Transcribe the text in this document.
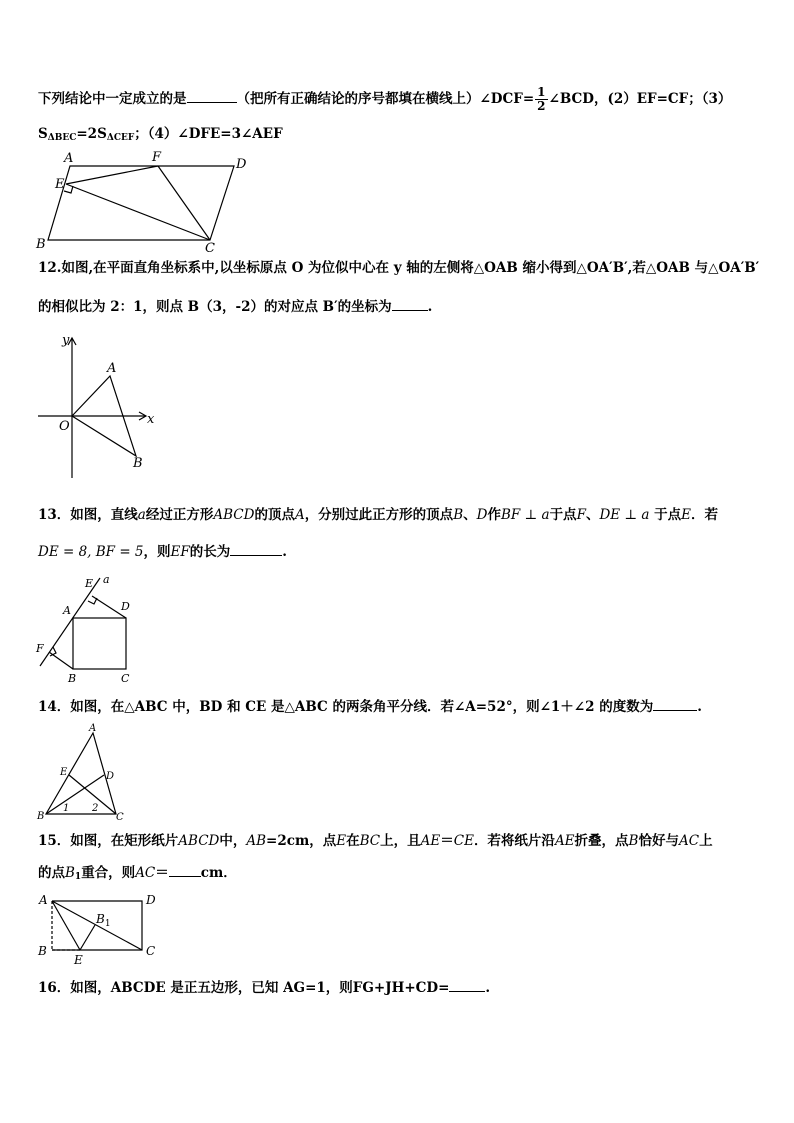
下列结论中一定成立的是	（把所有正确结论的序号都填在横线上）∠DCF= $\frac{1}{2}$ ∠BCD，(2）EF=CF；（3）
$S_{\Delta BEC}=2S_{\Delta CEF}$；（4）∠DFE=3∠AEF
A	F	D
E
B	C
12.如图,在平面直角坐标系中,以坐标原点 O 为位似中心在 y 轴的左侧将△OAB 缩小得到△OA′B′,若△OAB 与△OA′B′
的相似比为 2：1，则点 B（3，-2）的对应点 B′的坐标为	.
y
x
O
A
B
13．如图，直线a经过正方形ABCD的顶点A，分别过此正方形的顶点B、D作BF ⊥ a于点F、DE ⊥ a 于点E．若
DE = 8, BF = 5，则EF的长为	.
E a
A	D
F
B	C
14．如图，在△ABC 中，BD 和 CE 是△ABC 的两条角平分线．若∠A=52°，则∠1＋∠2 的度数为	.
A
E	D
B	C
1 2
15．如图，在矩形纸片ABCD中，AB=2cm，点E在BC上，且AE＝CE．若将纸片沿AE折叠，点B恰好与AC上
的点$B_1$重合，则AC＝ cm．
A	D
$B_1$
B
E
C
16．如图，ABCDE 是正五边形，已知 AG=1，则FG+JH+CD=	.
